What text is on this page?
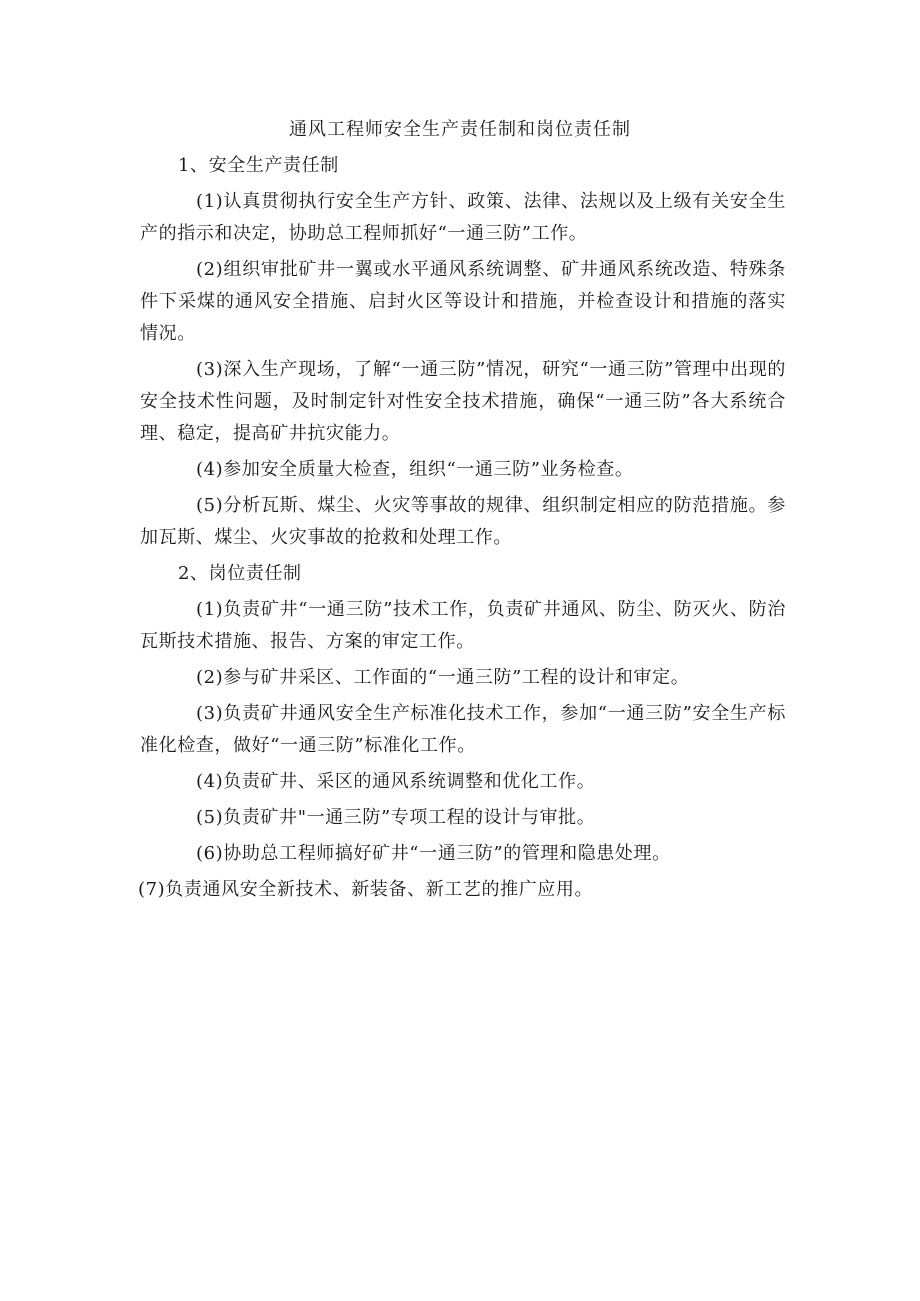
通风工程师安全生产责任制和岗位责任制

1、安全生产责任制

(1)认真贯彻执行安全生产方针、政策、法律、法规以及上级有关安全生产的指示和决定，协助总工程师抓好“一通三防”工作。

(2)组织审批矿井一翼或水平通风系统调整、矿井通风系统改造、特殊条件下采煤的通风安全措施、启封火区等设计和措施，并检查设计和措施的落实情况。

(3)深入生产现场，了解“一通三防”情况，研究“一通三防”管理中出现的安全技术性问题，及时制定针对性安全技术措施，确保“一通三防”各大系统合理、稳定，提高矿井抗灾能力。

(4)参加安全质量大检查，组织“一通三防”业务检查。

(5)分析瓦斯、煤尘、火灾等事故的规律、组织制定相应的防范措施。参加瓦斯、煤尘、火灾事故的抢救和处理工作。

2、岗位责任制

(1)负责矿井“一通三防”技术工作，负责矿井通风、防尘、防灭火、防治瓦斯技术措施、报告、方案的审定工作。

(2)参与矿井采区、工作面的“一通三防”工程的设计和审定。

(3)负责矿井通风安全生产标准化技术工作，参加“一通三防”安全生产标准化检查，做好“一通三防”标准化工作。

(4)负责矿井、采区的通风系统调整和优化工作。

(5)负责矿井"一通三防”专项工程的设计与审批。

(6)协助总工程师搞好矿井“一通三防”的管理和隐患处理。

(7)负责通风安全新技术、新装备、新工艺的推广应用。
